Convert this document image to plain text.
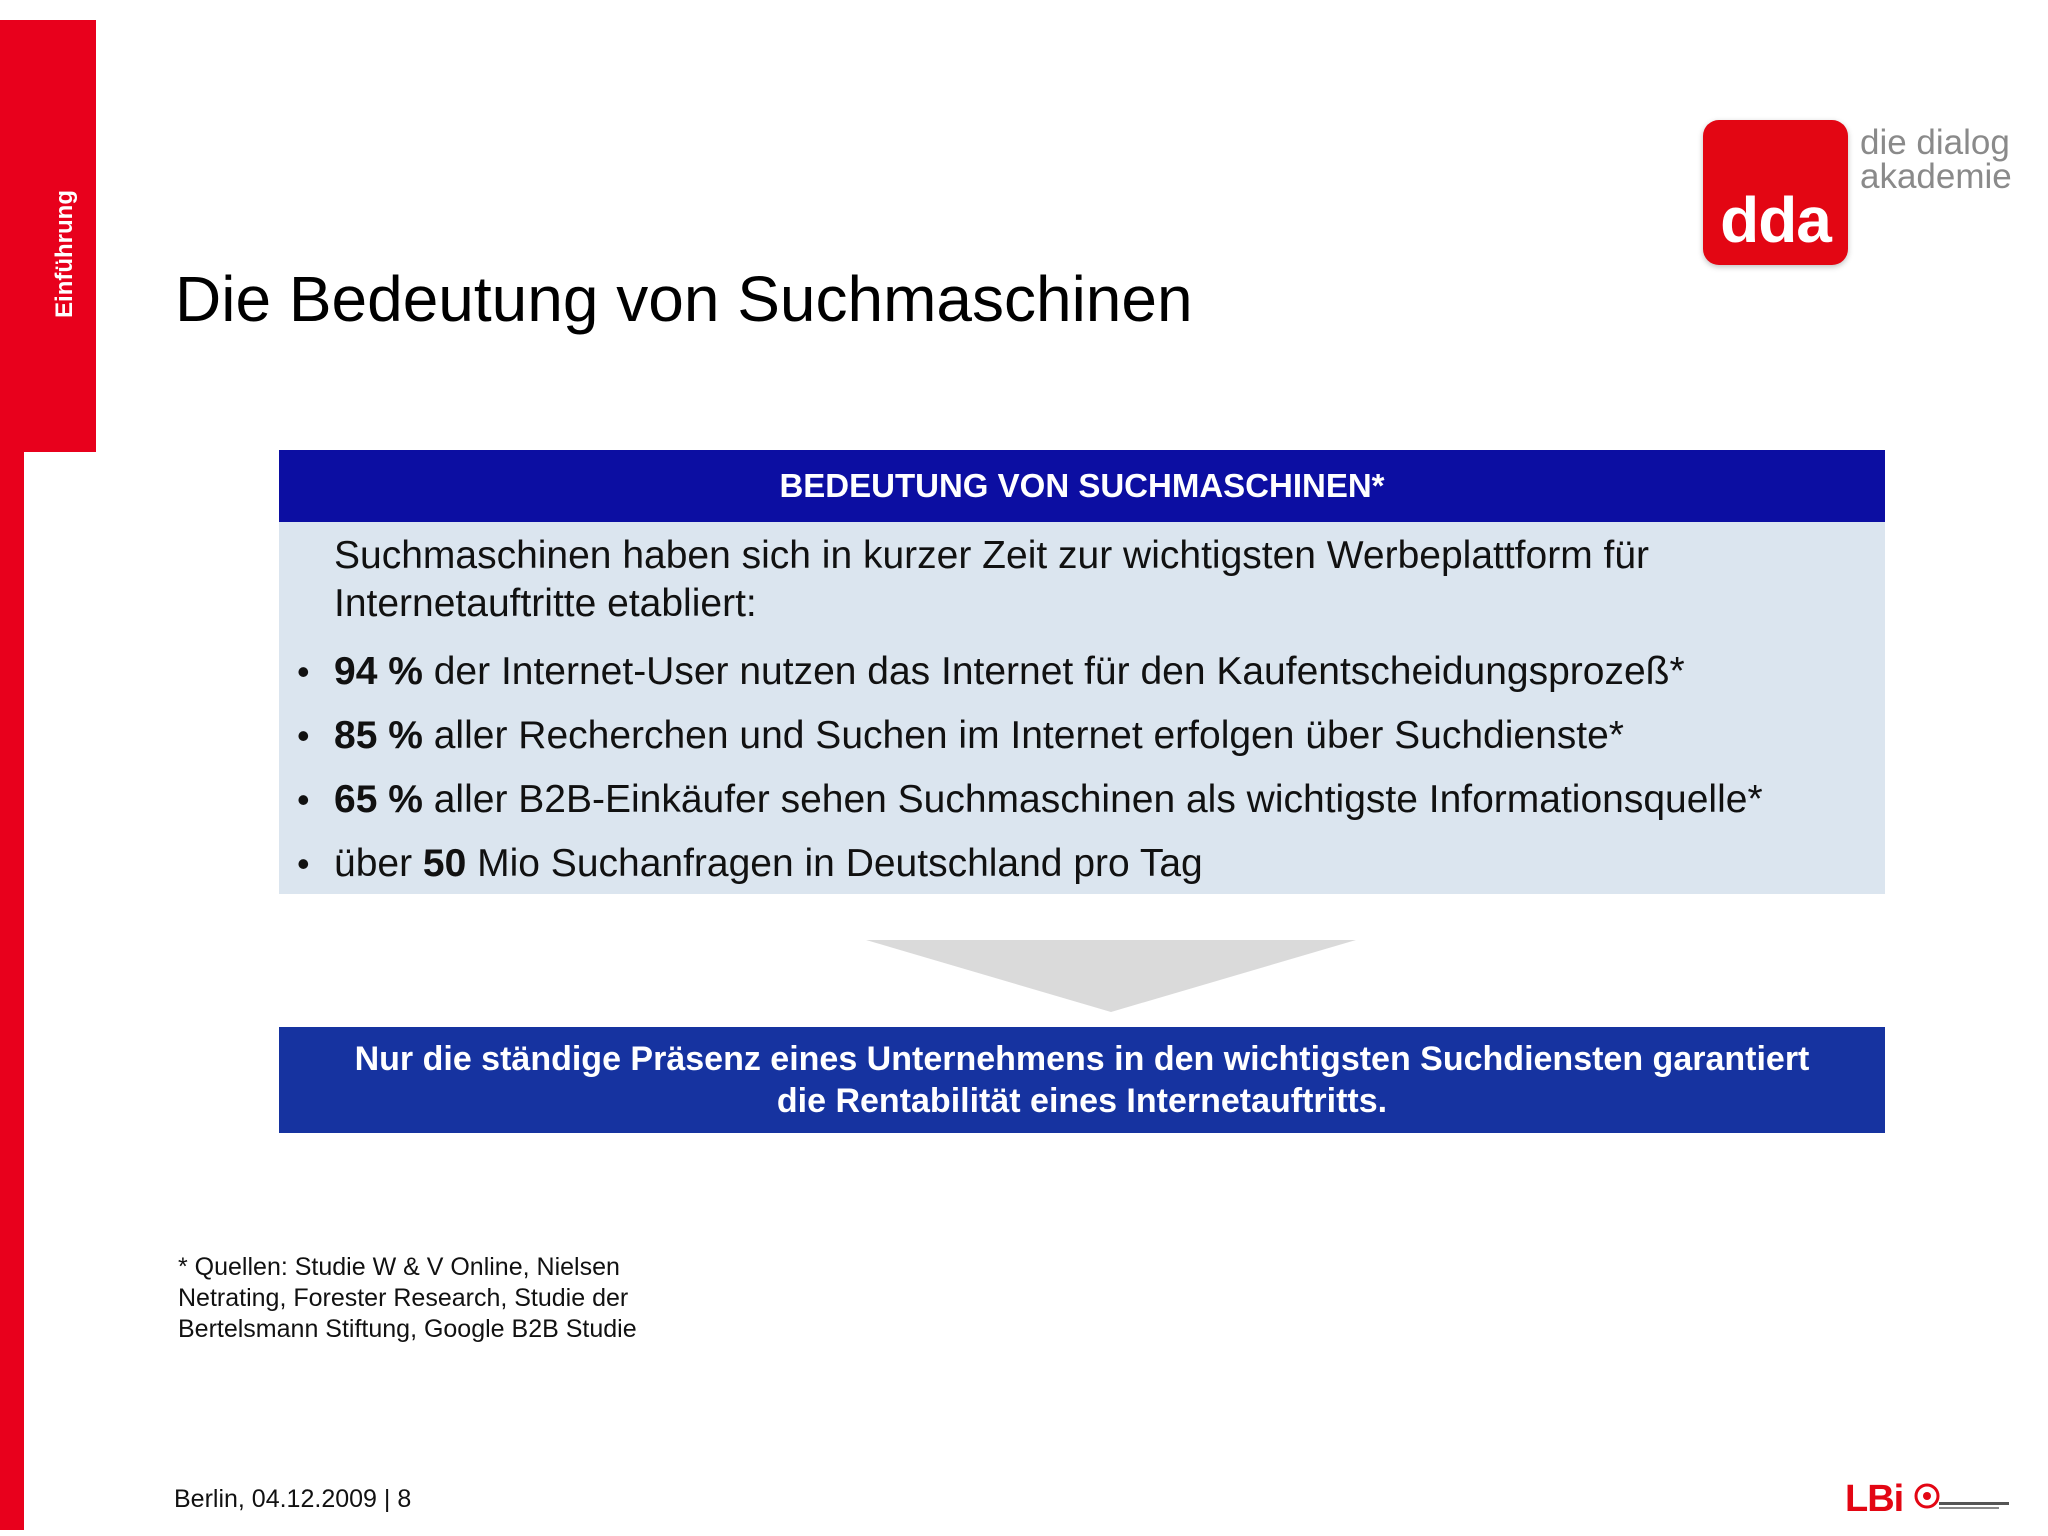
Einführung	dda
die dialog
akademie
Die Bedeutung von Suchmaschinen
BEDEUTUNG VON SUCHMASCHINEN*

Suchmaschinen haben sich in kurzer Zeit zur wichtigsten Werbeplattform für Internetauftritte etabliert:

• 94 % der Internet-User nutzen das Internet für den Kaufentscheidungsprozeß*
• 85 % aller Recherchen und Suchen im Internet erfolgen über Suchdienste*
• 65 % aller B2B-Einkäufer sehen Suchmaschinen als wichtigste Informationsquelle*
• über 50 Mio Suchanfragen in Deutschland pro Tag
Nur die ständige Präsenz eines Unternehmens in den wichtigsten Suchdiensten garantiert
die Rentabilität eines Internetauftritts.
* Quellen: Studie W & V Online, Nielsen
Netrating, Forester Research, Studie der
Bertelsmann Stiftung, Google B2B Studie
Berlin, 04.12.2009 | 8	LBi
